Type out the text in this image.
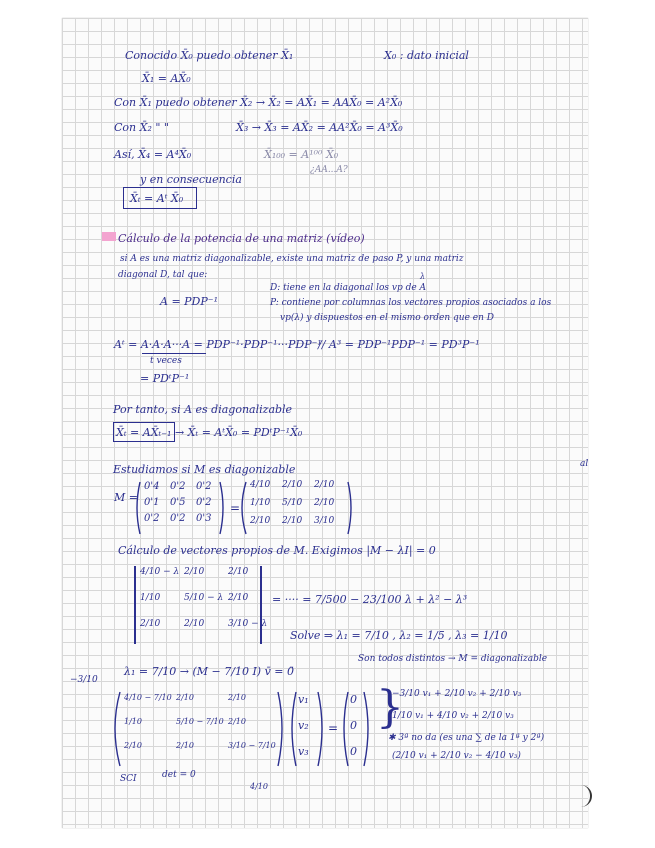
Conocido X̄₀ puedo obtener X̄₁	X₀ : dato inicial
X̄₁ = AX̄₀
Con X̄₁ puedo obtener X̄₂ → X̄₂ = AX̄₁ = AAX̄₀ = A²X̄₀
Con X̄₂ " "	X̄₃ → X̄₃ = AX̄₂ = AA²X̄₀ = A³X̄₀
Así, X̄₄ = A⁴X̄₀	X̄₁₀₀ = A¹⁰⁰ X̄₀
¿AA...A?
y en consecuencia
X̄ₜ = Aᵗ X̄₀
Cálculo de la potencia de una matriz (vídeo)
si A es una matriz diagonalizable, existe una matriz de paso P, y una matriz
diagonal D, tal que:	λ
D: tiene en la diagonal los vp de A
A = PDP⁻¹	P: contiene por columnas los vectores propios asociados a los
vp(λ) y dispuestos en el mismo orden que en D
Aᵗ = A·A·A···A = PDP⁻¹·PDP⁻¹···PDP⁻¹
// A³ = PDP⁻¹PDP⁻¹ = PD³P⁻¹
t veces
= PDᵗP⁻¹
Por tanto, si A es diagonalizable
X̄ₜ = AX̄ₜ₋₁ → X̄ₜ = AᵗX̄₀ = PDᵗP⁻¹X̄₀
Estudiamos si M es diagonizable	al
M =
=
0'4 0'2 0'2
0'1 0'5 0'2
0'2 0'2 0'3
4/10 2/10 2/10
1/10 5/10 2/10
2/10 2/10 3/10
Cálculo de vectores propios de M. Exigimos |M − λI| = 0
4/10 − λ 2/10	2/10
1/10	5/10 − λ 2/10
2/10	2/10	3/10 − λ
= ···· = 7/500 − 23/100 λ + λ² − λ³
Solve ⇒ λ₁ = 7/10 , λ₂ = 1/5 , λ₃ = 1/10
Son todos distintos → M = diagonalizable
−3/10
λ₁ = 7/10 → (M − 7/10 I) v̄ = 0̄
=
4/10 − 7/10 2/10	2/10
1/10	5/10 − 7/10 2/10
2/10	2/10	3/10 − 7/10
v₁
v₂
v₃
0
0
0
}
−3/10 v₁ + 2/10 v₂ + 2/10 v₃
1/10 v₁ + 4/10 v₂ + 2/10 v₃
✱ 3ª no da (es una ∑ de la 1ª y 2ª)
(2/10 v₁ + 2/10 v₂ − 4/10 v₃)
SCI	det = 0
4/10
